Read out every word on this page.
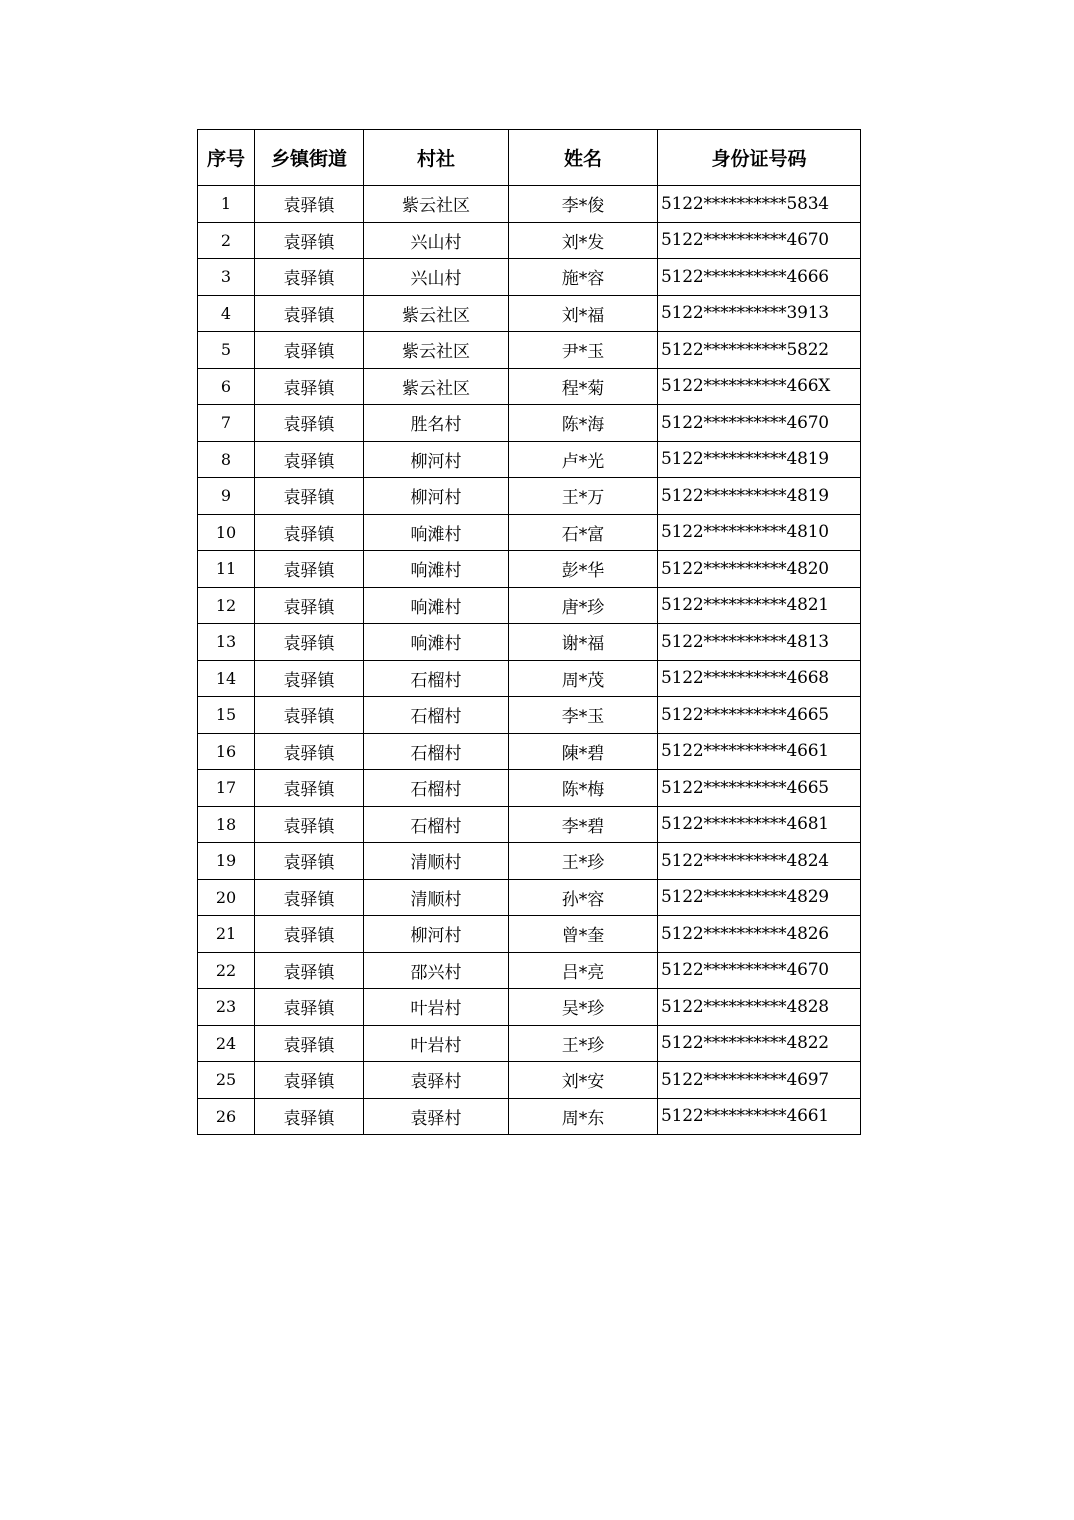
序号	乡镇街道	村社	姓名	身份证号码
1	袁驿镇	紫云社区	李*俊	5122**********5834
2	袁驿镇	兴山村	刘*发	5122**********4670
3	袁驿镇	兴山村	施*容	5122**********4666
4	袁驿镇	紫云社区	刘*福	5122**********3913
5	袁驿镇	紫云社区	尹*玉	5122**********5822
6	袁驿镇	紫云社区	程*菊	5122**********466X
7	袁驿镇	胜名村	陈*海	5122**********4670
8	袁驿镇	柳河村	卢*光	5122**********4819
9	袁驿镇	柳河村	王*万	5122**********4819
10	袁驿镇	响滩村	石*富	5122**********4810
11	袁驿镇	响滩村	彭*华	5122**********4820
12	袁驿镇	响滩村	唐*珍	5122**********4821
13	袁驿镇	响滩村	谢*福	5122**********4813
14	袁驿镇	石榴村	周*茂	5122**********4668
15	袁驿镇	石榴村	李*玉	5122**********4665
16	袁驿镇	石榴村	陳*碧	5122**********4661
17	袁驿镇	石榴村	陈*梅	5122**********4665
18	袁驿镇	石榴村	李*碧	5122**********4681
19	袁驿镇	清顺村	王*珍	5122**********4824
20	袁驿镇	清顺村	孙*容	5122**********4829
21	袁驿镇	柳河村	曾*奎	5122**********4826
22	袁驿镇	邵兴村	吕*亮	5122**********4670
23	袁驿镇	叶岩村	吴*珍	5122**********4828
24	袁驿镇	叶岩村	王*珍	5122**********4822
25	袁驿镇	袁驿村	刘*安	5122**********4697
26	袁驿镇	袁驿村	周*东	5122**********4661
